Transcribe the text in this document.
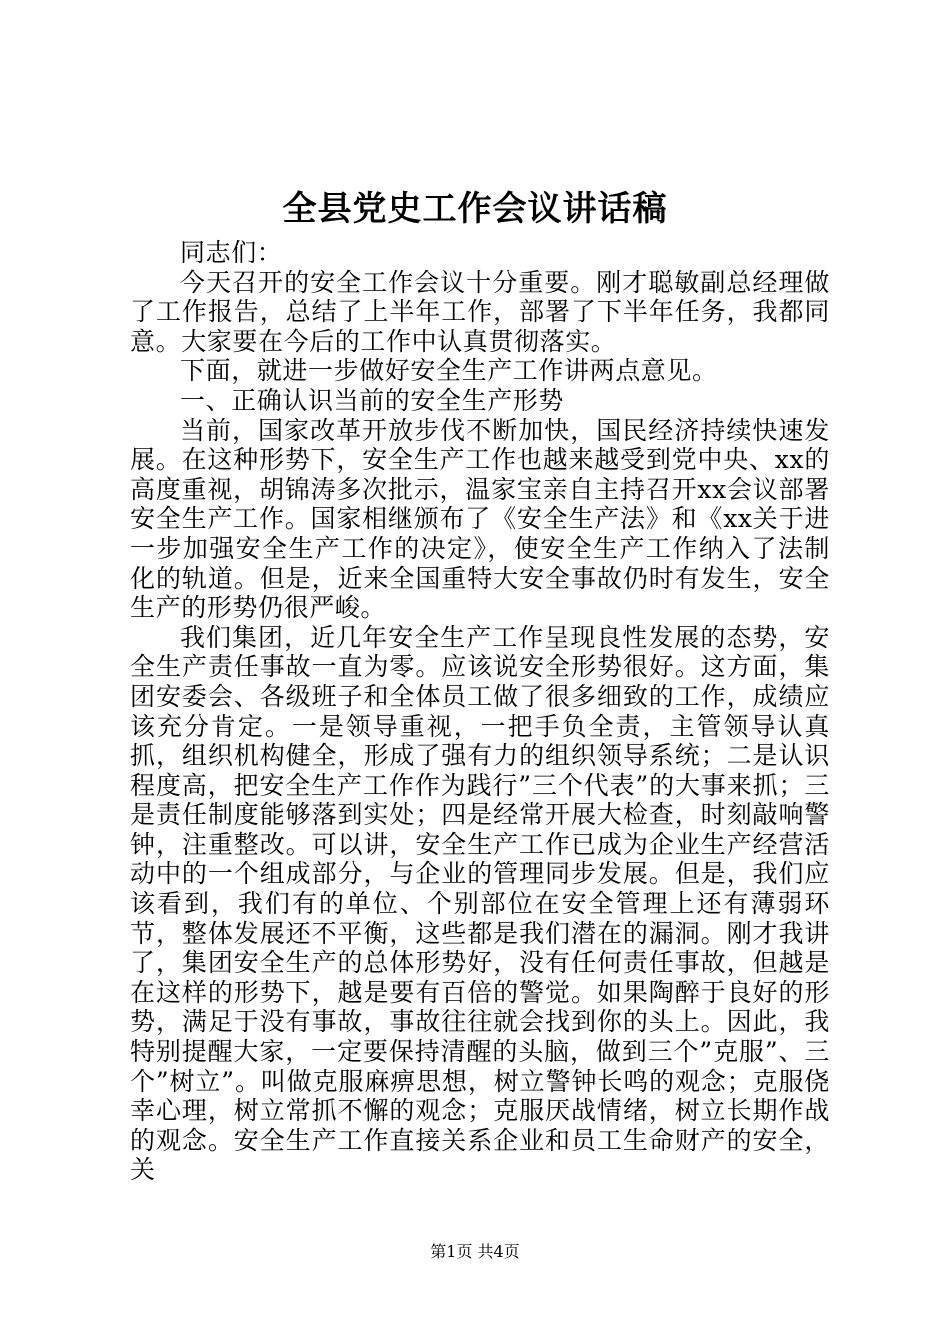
全县党史工作会议讲话稿

同志们：

今天召开的安全工作会议十分重要。刚才聪敏副总经理做了工作报告，总结了上半年工作，部署了下半年任务，我都同意。大家要在今后的工作中认真贯彻落实。

下面，就进一步做好安全生产工作讲两点意见。

一、正确认识当前的安全生产形势

当前，国家改革开放步伐不断加快，国民经济持续快速发展。在这种形势下，安全生产工作也越来越受到党中央、xx的高度重视，胡锦涛多次批示，温家宝亲自主持召开xx会议部署安全生产工作。国家相继颁布了《安全生产法》和《xx关于进一步加强安全生产工作的决定》，使安全生产工作纳入了法制化的轨道。但是，近来全国重特大安全事故仍时有发生，安全生产的形势仍很严峻。

我们集团，近几年安全生产工作呈现良性发展的态势，安全生产责任事故一直为零。应该说安全形势很好。这方面，集团安委会、各级班子和全体员工做了很多细致的工作，成绩应该充分肯定。一是领导重视，一把手负全责，主管领导认真抓，组织机构健全，形成了强有力的组织领导系统；二是认识程度高，把安全生产工作作为践行”三个代表”的大事来抓；三是责任制度能够落到实处；四是经常开展大检查，时刻敲响警钟，注重整改。可以讲，安全生产工作已成为企业生产经营活动中的一个组成部分，与企业的管理同步发展。但是，我们应该看到，我们有的单位、个别部位在安全管理上还有薄弱环节，整体发展还不平衡，这些都是我们潜在的漏洞。刚才我讲了，集团安全生产的总体形势好，没有任何责任事故，但越是在这样的形势下，越是要有百倍的警觉。如果陶醉于良好的形势，满足于没有事故，事故往往就会找到你的头上。因此，我特别提醒大家，一定要保持清醒的头脑，做到三个”克服”、三个”树立”。叫做克服麻痹思想，树立警钟长鸣的观念；克服侥幸心理，树立常抓不懈的观念；克服厌战情绪，树立长期作战的观念。安全生产工作直接关系企业和员工生命财产的安全，关

第1页 共4页
